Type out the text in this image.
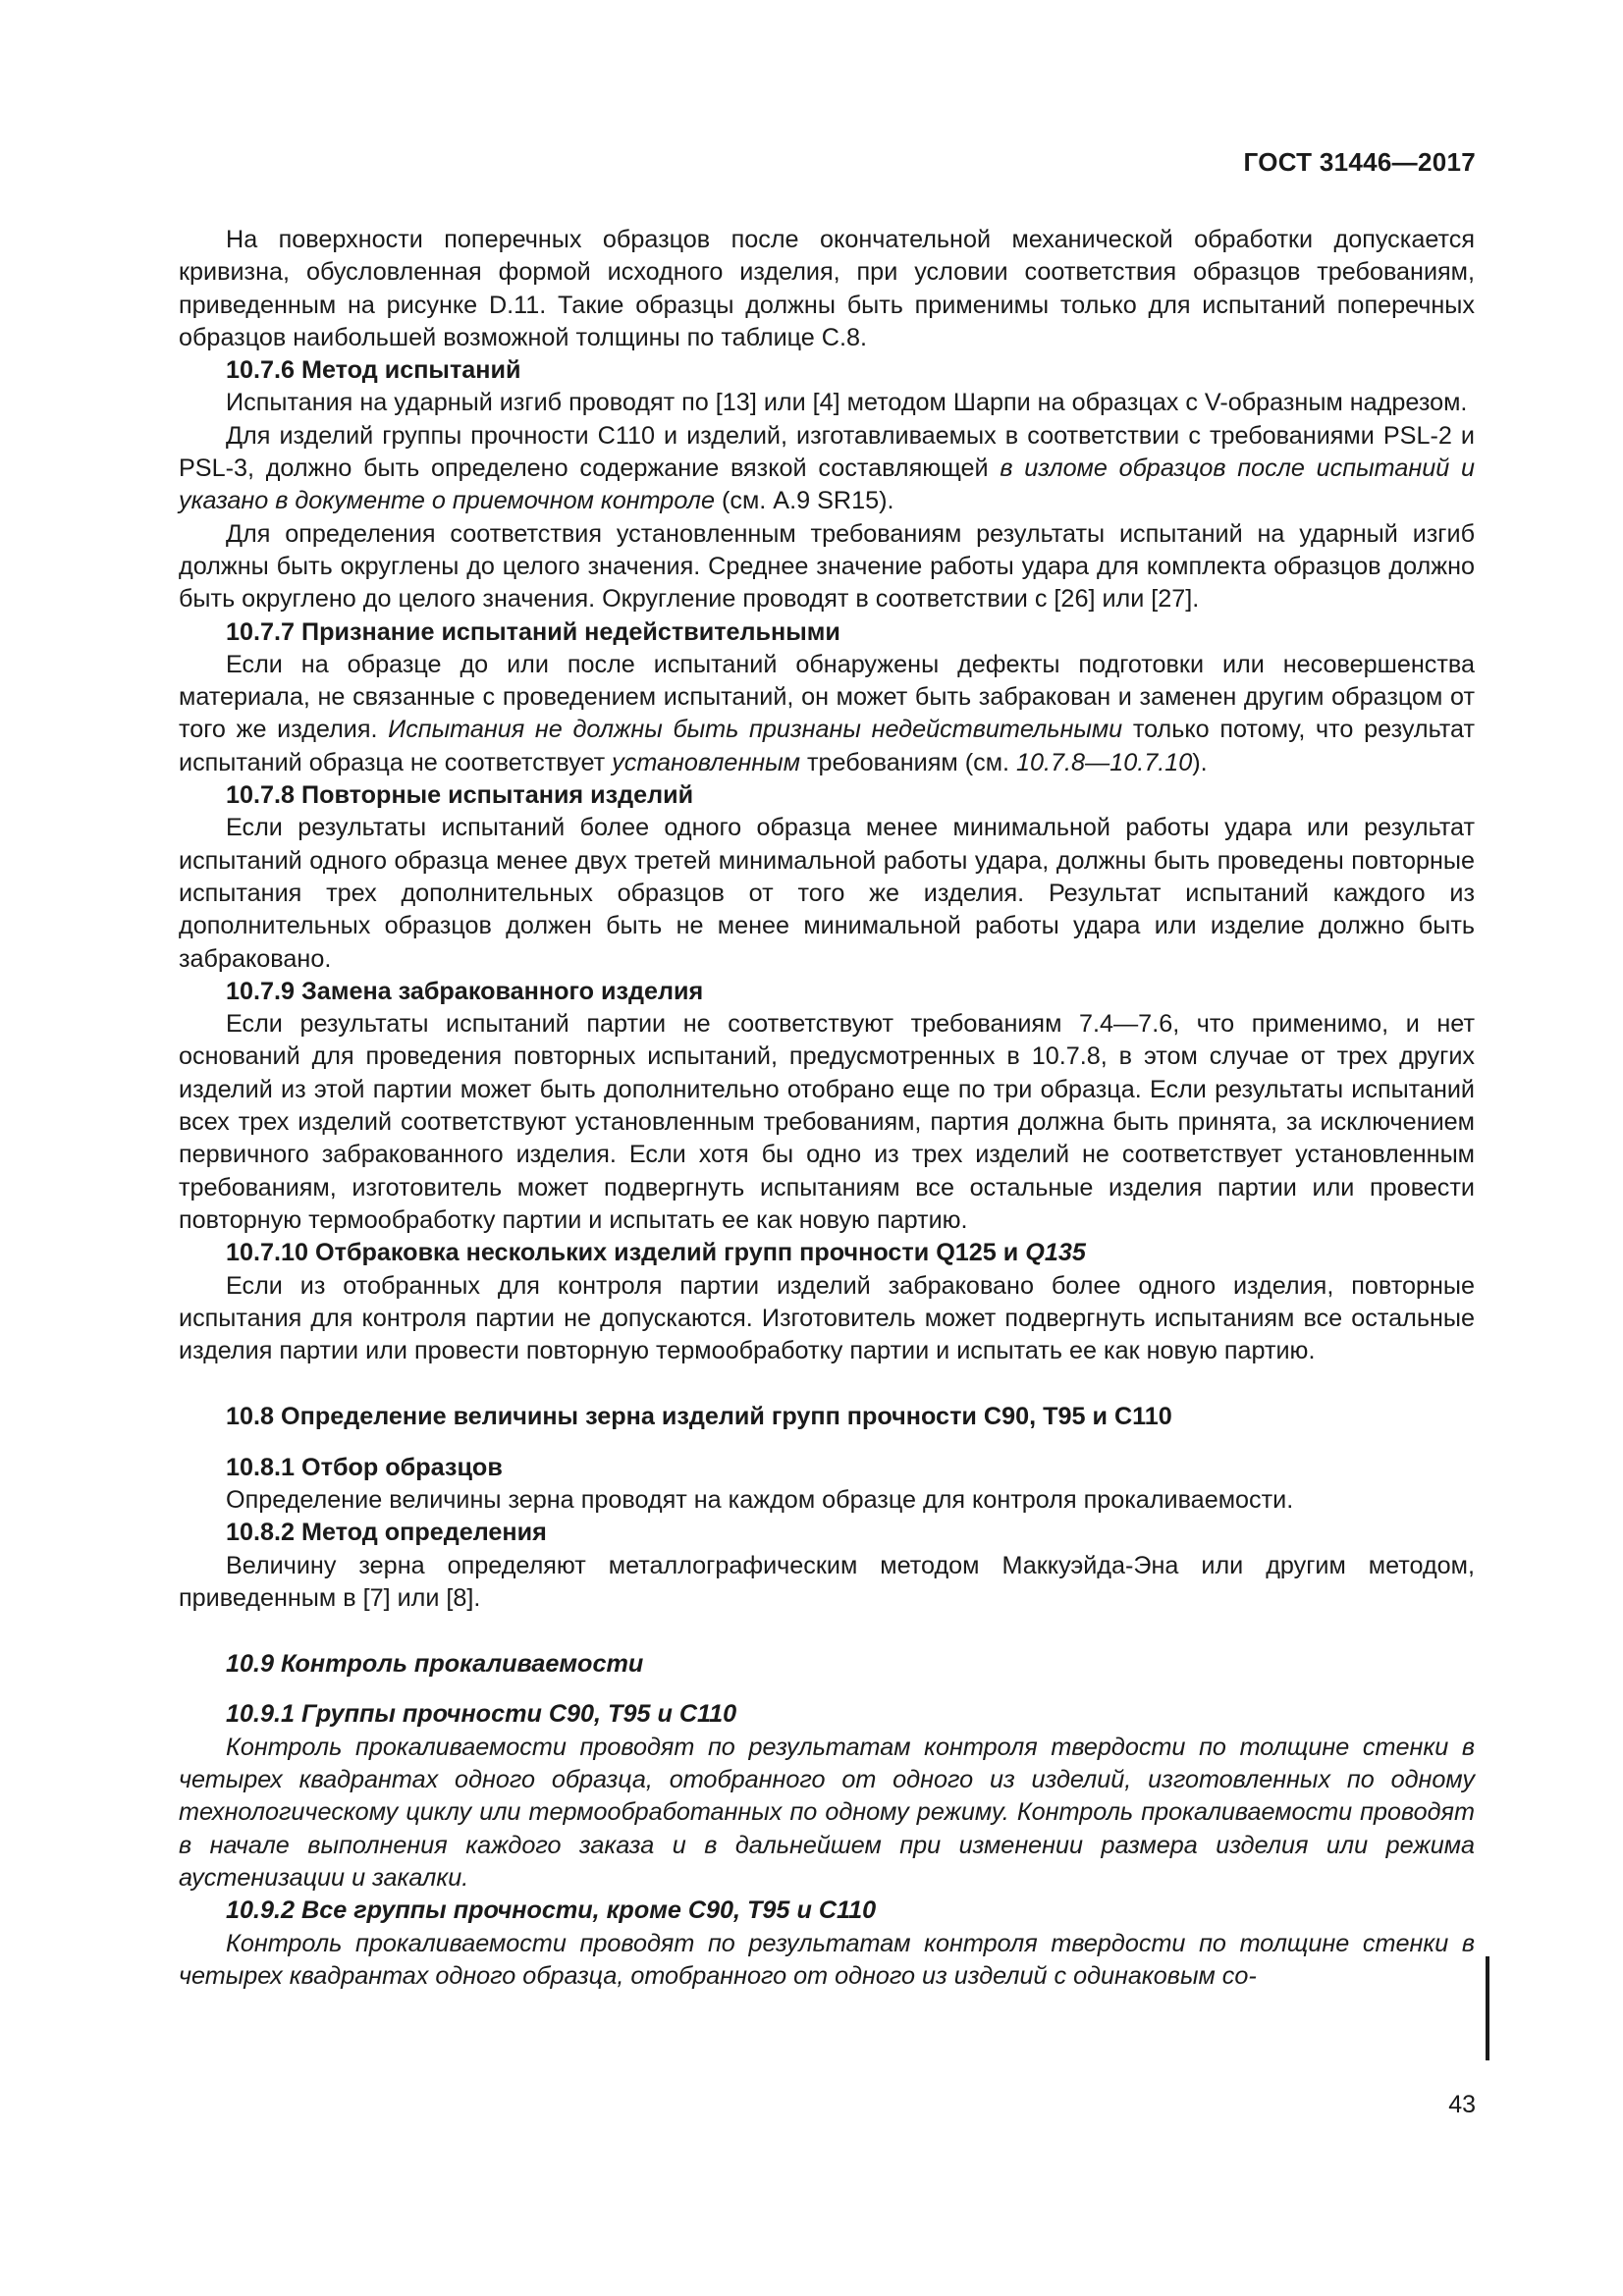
ГОСТ 31446—2017

На поверхности поперечных образцов после окончательной механической обработки допускается кривизна, обусловленная формой исходного изделия, при условии соответствия образцов требованиям, приведенным на рисунке D.11. Такие образцы должны быть применимы только для испытаний поперечных образцов наибольшей возможной толщины по таблице С.8.

10.7.6 Метод испытаний

Испытания на ударный изгиб проводят по [13] или [4] методом Шарпи на образцах с V-образным надрезом.

Для изделий группы прочности С110 и изделий, изготавливаемых в соответствии с требованиями PSL-2 и PSL-3, должно быть определено содержание вязкой составляющей в изломе образцов после испытаний и указано в документе о приемочном контроле (см. А.9 SR15).

Для определения соответствия установленным требованиям результаты испытаний на ударный изгиб должны быть округлены до целого значения. Среднее значение работы удара для комплекта образцов должно быть округлено до целого значения. Округление проводят в соответствии с [26] или [27].

10.7.7 Признание испытаний недействительными

Если на образце до или после испытаний обнаружены дефекты подготовки или несовершенства материала, не связанные с проведением испытаний, он может быть забракован и заменен другим образцом от того же изделия. Испытания не должны быть признаны недействительными только потому, что результат испытаний образца не соответствует установленным требованиям (см. 10.7.8—10.7.10).

10.7.8 Повторные испытания изделий

Если результаты испытаний более одного образца менее минимальной работы удара или результат испытаний одного образца менее двух третей минимальной работы удара, должны быть проведены повторные испытания трех дополнительных образцов от того же изделия. Результат испытаний каждого из дополнительных образцов должен быть не менее минимальной работы удара или изделие должно быть забраковано.

10.7.9 Замена забракованного изделия

Если результаты испытаний партии не соответствуют требованиям 7.4—7.6, что применимо, и нет оснований для проведения повторных испытаний, предусмотренных в 10.7.8, в этом случае от трех других изделий из этой партии может быть дополнительно отобрано еще по три образца. Если результаты испытаний всех трех изделий соответствуют установленным требованиям, партия должна быть принята, за исключением первичного забракованного изделия. Если хотя бы одно из трех изделий не соответствует установленным требованиям, изготовитель может подвергнуть испытаниям все остальные изделия партии или провести повторную термообработку партии и испытать ее как новую партию.

10.7.10 Отбраковка нескольких изделий групп прочности Q125 и Q135

Если из отобранных для контроля партии изделий забраковано более одного изделия, повторные испытания для контроля партии не допускаются. Изготовитель может подвергнуть испытаниям все остальные изделия партии или провести повторную термообработку партии и испытать ее как новую партию.

10.8 Определение величины зерна изделий групп прочности С90, Т95 и С110
10.8.1 Отбор образцов

Определение величины зерна проводят на каждом образце для контроля прокаливаемости.

10.8.2 Метод определения

Величину зерна определяют металлографическим методом Маккуэйда-Эна или другим методом, приведенным в [7] или [8].

10.9 Контроль прокаливаемости
10.9.1 Группы прочности С90, Т95 и С110

Контроль прокаливаемости проводят по результатам контроля твердости по толщине стенки в четырех квадрантах одного образца, отобранного от одного из изделий, изготовленных по одному технологическому циклу или термообработанных по одному режиму. Контроль прокаливаемости проводят в начале выполнения каждого заказа и в дальнейшем при изменении размера изделия или режима аустенизации и закалки.

10.9.2 Все группы прочности, кроме С90, Т95 и С110

Контроль прокаливаемости проводят по результатам контроля твердости по толщине стенки в четырех квадрантах одного образца, отобранного от одного из изделий с одинаковым со-

43
